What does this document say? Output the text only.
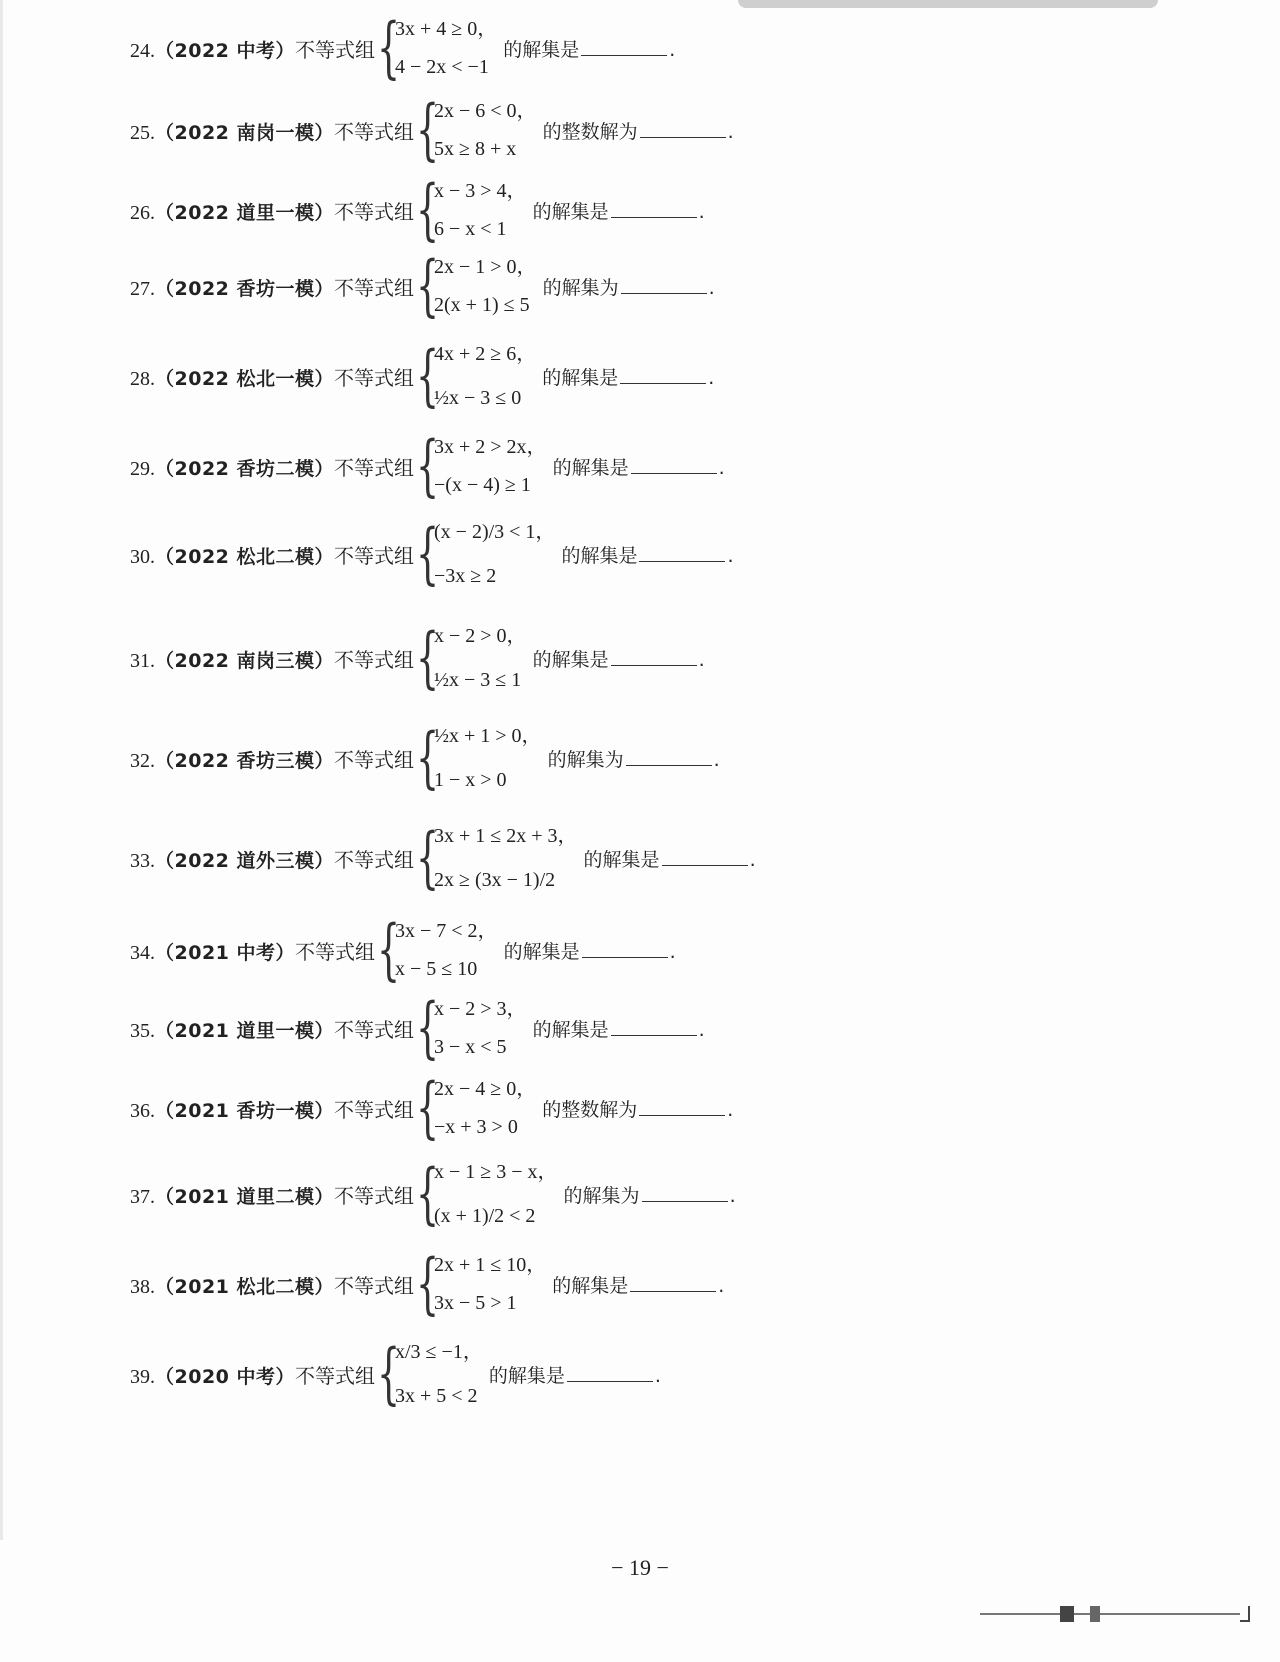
24.（2022 中考）不等式组 {
3x + 4 ≥ 0，
4 − 2x < −1
的解集是	.
25.（2022 南岗一模）不等式组 {
2x − 6 < 0，
5x ≥ 8 + x
的整数解为	.
26.（2022 道里一模）不等式组 {
x − 3 > 4，
6 − x < 1
的解集是	.
27.（2022 香坊一模）不等式组 {
2x − 1 > 0，
2(x + 1) ≤ 5
的解集为	.
28.（2022 松北一模）不等式组 {
4x + 2 ≥ 6，
½x − 3 ≤ 0
的解集是	.
29.（2022 香坊二模）不等式组 {
3x + 2 > 2x，
−(x − 4) ≥ 1
的解集是	.
30.（2022 松北二模）不等式组 {
(x − 2)/3 < 1，
−3x ≥ 2
的解集是	.
31.（2022 南岗三模）不等式组 {
x − 2 > 0，
½x − 3 ≤ 1
的解集是	.
32.（2022 香坊三模）不等式组 {
½x + 1 > 0，
1 − x > 0
的解集为	.
33.（2022 道外三模）不等式组 {
3x + 1 ≤ 2x + 3，
2x ≥ (3x − 1)/2
的解集是	.
34.（2021 中考）不等式组 {
3x − 7 < 2，
x − 5 ≤ 10
的解集是	.
35.（2021 道里一模）不等式组 {
x − 2 > 3，
3 − x < 5
的解集是	.
36.（2021 香坊一模）不等式组 {
2x − 4 ≥ 0，
−x + 3 > 0
的整数解为	.
37.（2021 道里二模）不等式组 {
x − 1 ≥ 3 − x，
(x + 1)/2 < 2
的解集为	.
38.（2021 松北二模）不等式组 {
2x + 1 ≤ 10，
3x − 5 > 1
的解集是	.
39.（2020 中考）不等式组 {
x/3 ≤ −1，
3x + 5 < 2
的解集是	.
− 19 −
